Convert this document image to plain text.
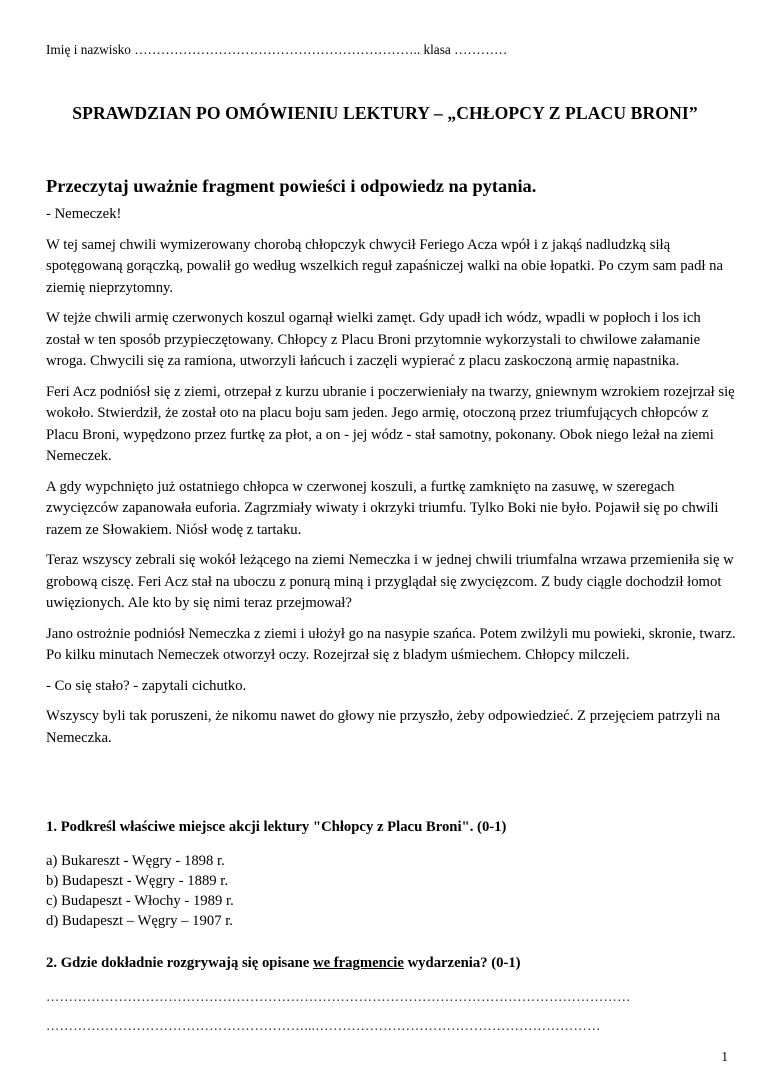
Imię i nazwisko ……………………………………………………….. klasa …………
SPRAWDZIAN PO OMÓWIENIU LEKTURY – „CHŁOPCY Z PLACU BRONI”
Przeczytaj uważnie fragment powieści i odpowiedz na pytania.

- Nemeczek!

W tej samej chwili wymizerowany chorobą chłopczyk chwycił Feriego Acza wpół i z jakąś nadludzką siłą spotęgowaną gorączką, powalił go według wszelkich reguł zapaśniczej walki na obie łopatki. Po czym sam padł na ziemię nieprzytomny.

W tejże chwili armię czerwonych koszul ogarnął wielki zamęt. Gdy upadł ich wódz, wpadli w popłoch i los ich został w ten sposób przypieczętowany. Chłopcy z Placu Broni przytomnie wykorzystali to chwilowe załamanie wroga. Chwycili się za ramiona, utworzyli łańcuch i zaczęli wypierać z placu zaskoczoną armię napastnika.

Feri Acz podniósł się z ziemi, otrzepał z kurzu ubranie i poczerwieniały na twarzy, gniewnym wzrokiem rozejrzał się wokoło. Stwierdził, że został oto na placu boju sam jeden. Jego armię, otoczoną przez triumfujących chłopców z Placu Broni, wypędzono przez furtkę za płot, a on - jej wódz - stał samotny, pokonany. Obok niego leżał na ziemi Nemeczek.

A gdy wypchnięto już ostatniego chłopca w czerwonej koszuli, a furtkę zamknięto na zasuwę, w szeregach zwycięzców zapanowała euforia. Zagrzmiały wiwaty i okrzyki triumfu. Tylko Boki nie było. Pojawił się po chwili razem ze Słowakiem. Niósł wodę z tartaku.

Teraz wszyscy zebrali się wokół leżącego na ziemi Nemeczka i w jednej chwili triumfalna wrzawa przemieniła się w grobową ciszę. Feri Acz stał na uboczu z ponurą miną i przyglądał się zwycięzcom. Z budy ciągle dochodził łomot uwięzionych. Ale kto by się nimi teraz przejmował?

Jano ostrożnie podniósł Nemeczka z ziemi i ułożył go na nasypie szańca. Potem zwilżyli mu powieki, skronie, twarz. Po kilku minutach Nemeczek otworzył oczy. Rozejrzał się z bladym uśmiechem. Chłopcy milczeli.

- Co się stało? - zapytali cichutko.

Wszyscy byli tak poruszeni, że nikomu nawet do głowy nie przyszło, żeby odpowiedzieć. Z przejęciem patrzyli na Nemeczka.

1. Podkreśl właściwe miejsce akcji lektury "Chłopcy z Placu Broni". (0-1)
a) Bukareszt - Węgry - 1898 r.
b) Budapeszt - Węgry - 1889 r.
c) Budapeszt - Włochy - 1989 r.
d) Budapeszt – Węgry – 1907 r.
2. Gdzie dokładnie rozgrywają się opisane we fragmencie wydarzenia? (0-1)
…………………………………………………………………………………………………………………
…………………………………………………...………………………………………………………
1
